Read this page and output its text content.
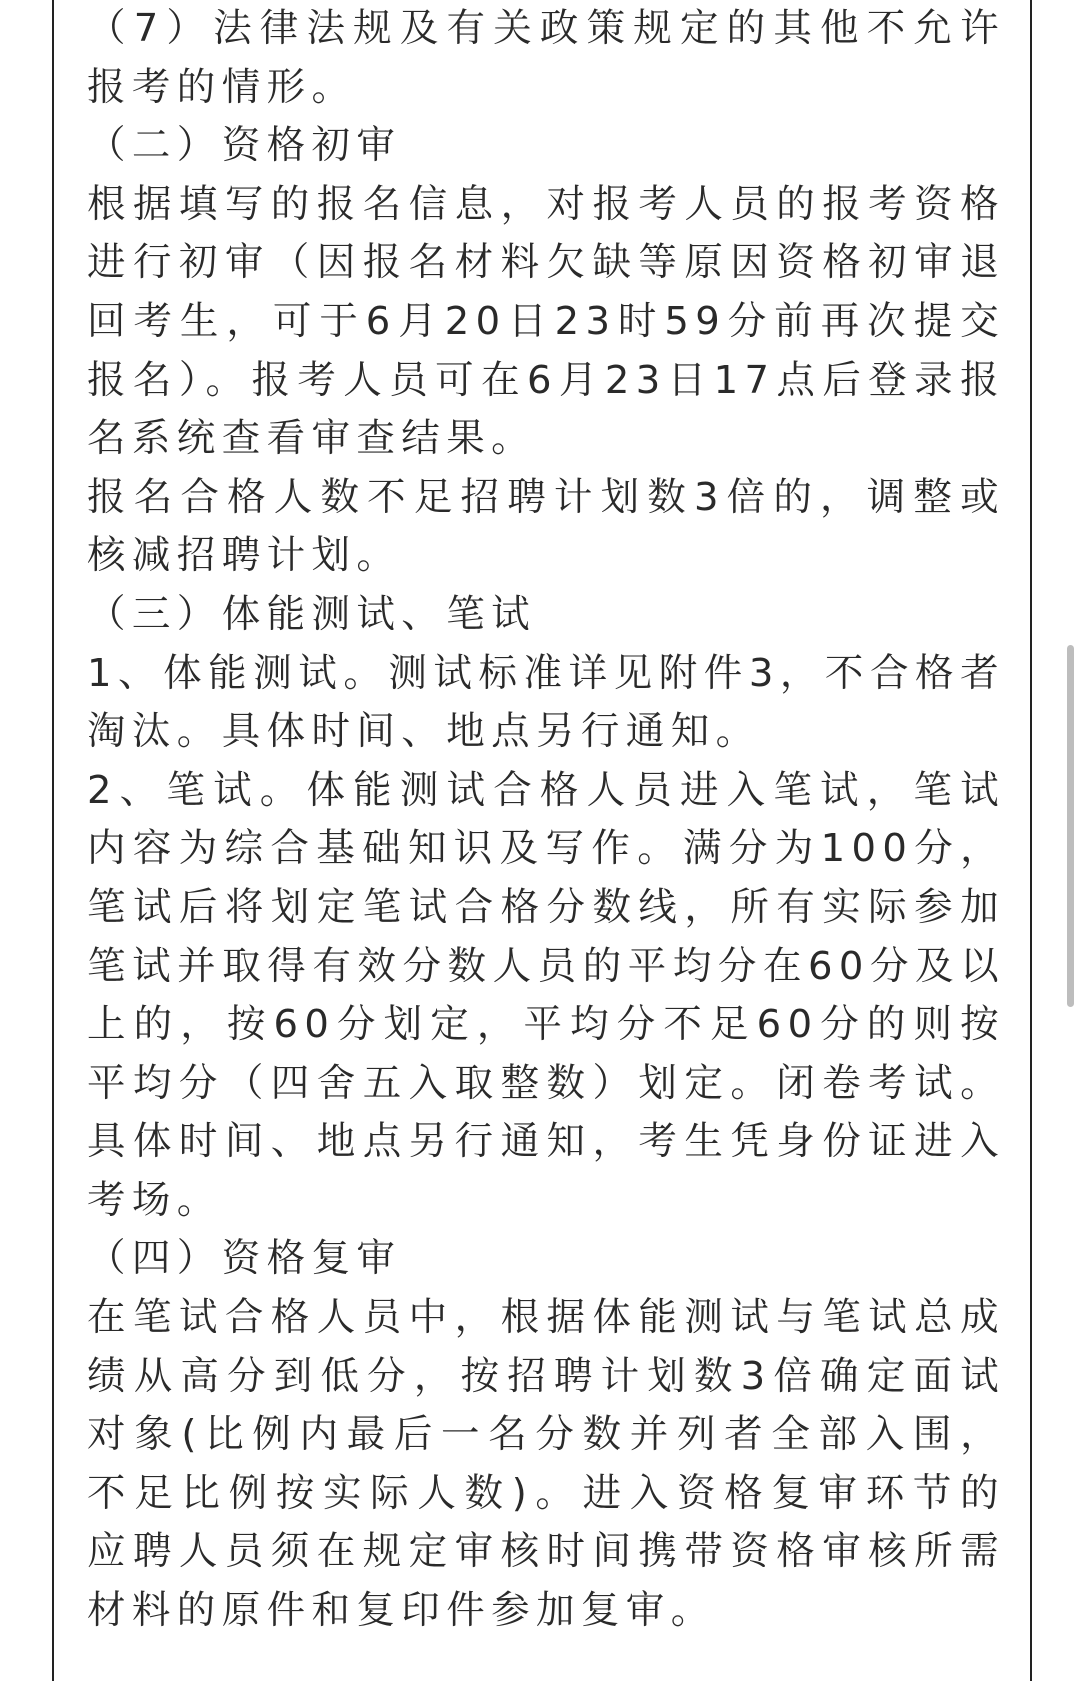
（7）法律法规及有关政策规定的其他不允许报考的情形。

（二）资格初审

根据填写的报名信息，对报考人员的报考资格进行初审（因报名材料欠缺等原因资格初审退回考生，可于6月20日23时59分前再次提交报名）。报考人员可在6月23日17点后登录报名系统查看审查结果。

报名合格人数不足招聘计划数3倍的，调整或核减招聘计划。

（三）体能测试、笔试

1、体能测试。测试标准详见附件3，不合格者淘汰。具体时间、地点另行通知。

2、笔试。体能测试合格人员进入笔试，笔试内容为综合基础知识及写作。满分为100分，笔试后将划定笔试合格分数线，所有实际参加笔试并取得有效分数人员的平均分在60分及以上的，按60分划定，平均分不足60分的则按平均分（四舍五入取整数）划定。闭卷考试。具体时间、地点另行通知，考生凭身份证进入考场。

（四）资格复审

在笔试合格人员中，根据体能测试与笔试总成绩从高分到低分，按招聘计划数3倍确定面试对象(比例内最后一名分数并列者全部入围，不足比例按实际人数)。进入资格复审环节的应聘人员须在规定审核时间携带资格审核所需材料的原件和复印件参加复审。
